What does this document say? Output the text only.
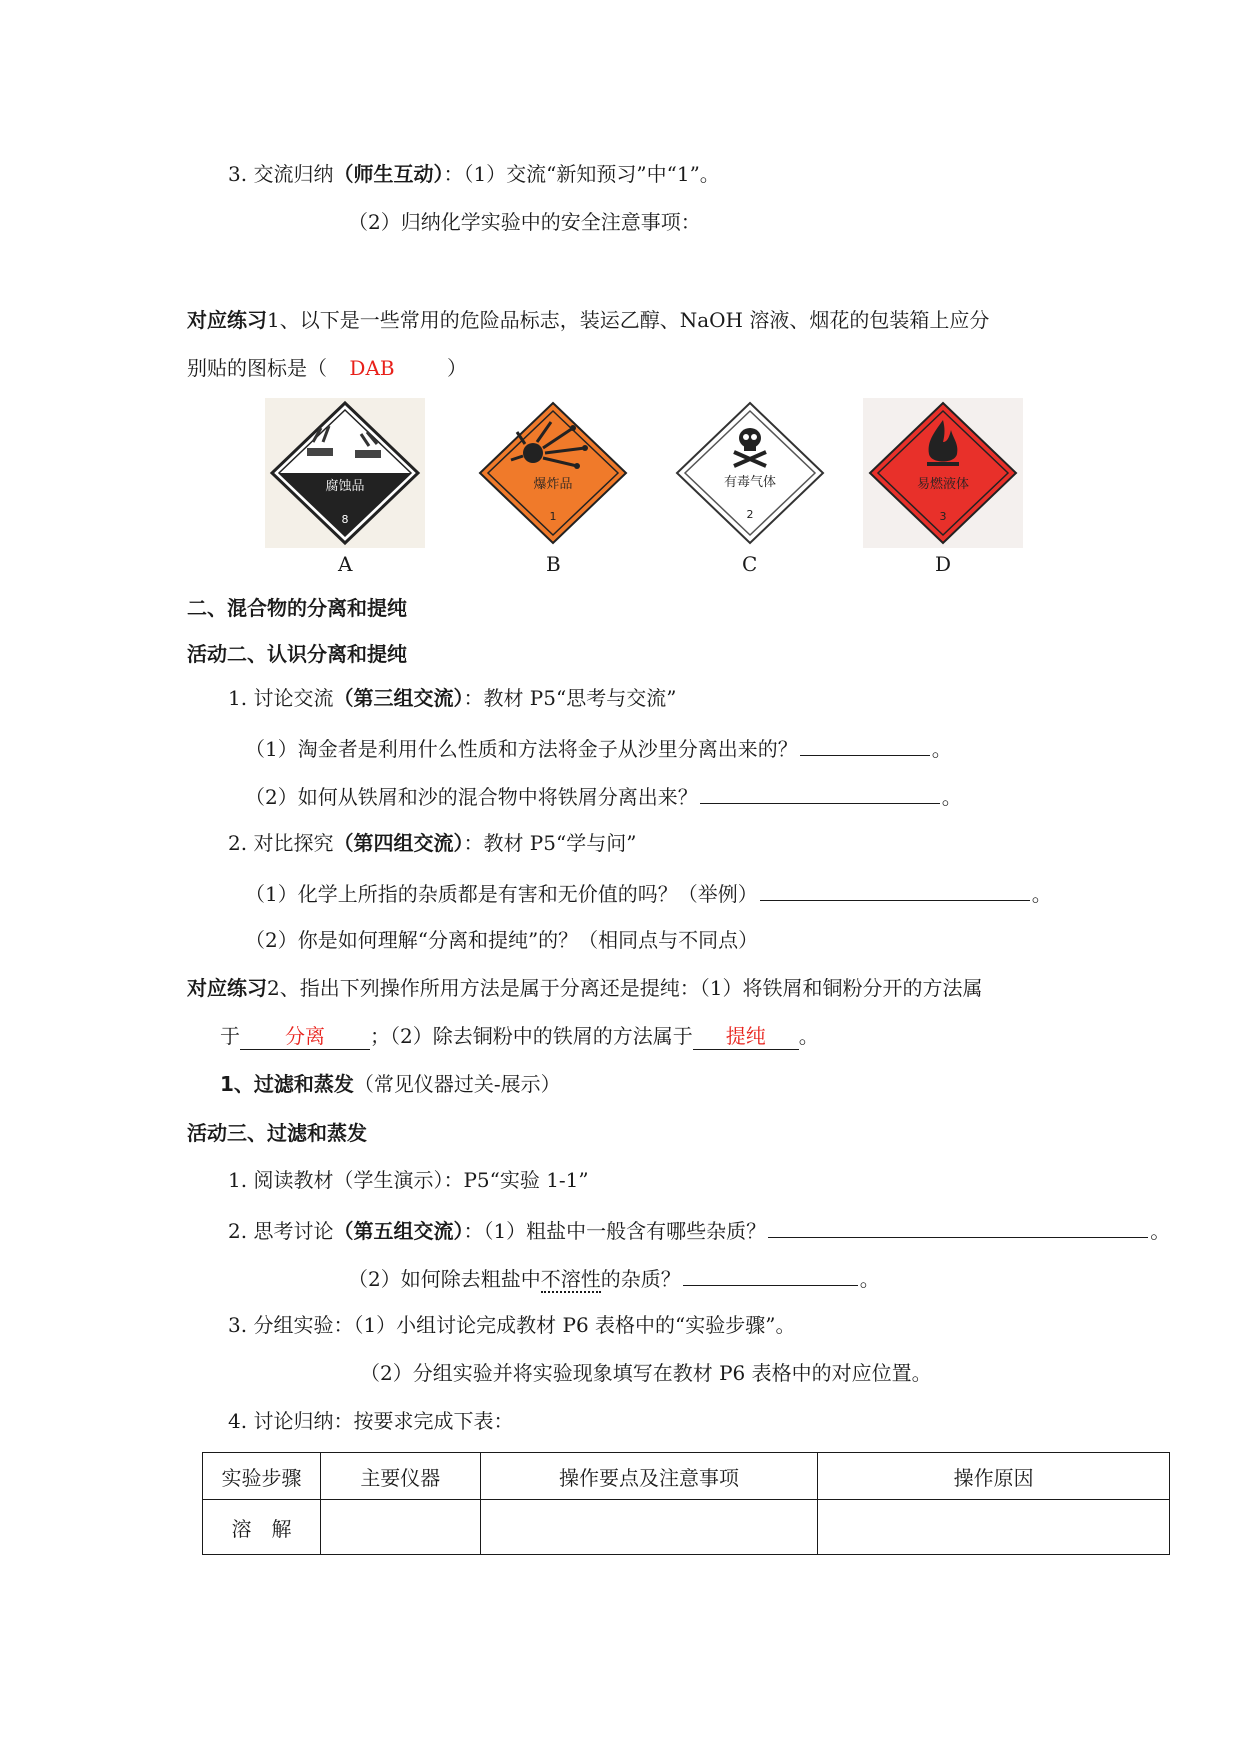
3. 交流归纳（师生互动）：（1）交流“新知预习”中“1”。
（2）归纳化学实验中的安全注意事项：
对应练习1、以下是一些常用的危险品标志，装运乙醇、NaOH 溶液、烟花的包装箱上应分
别贴的图标是（ DAB	）
腐蚀品
8
爆炸品
1
有毒气体
2
易燃液体
3
A	B	C	D
二、混合物的分离和提纯
活动二、认识分离和提纯
1. 讨论交流（第三组交流）：教材 P5“思考与交流”
（1）淘金者是利用什么性质和方法将金子从沙里分离出来的？	。
（2）如何从铁屑和沙的混合物中将铁屑分离出来？	。
2. 对比探究（第四组交流）：教材 P5“学与问”
（1）化学上所指的杂质都是有害和无价值的吗？（举例）	。
（2）你是如何理解“分离和提纯”的？（相同点与不同点）
对应练习2、指出下列操作所用方法是属于分离还是提纯：（1）将铁屑和铜粉分开的方法属
于 分离 ；（2）除去铜粉中的铁屑的方法属于 提纯 。
1、过滤和蒸发（常见仪器过关-展示）
活动三、过滤和蒸发
1. 阅读教材（学生演示）：P5“实验 1-1”
2. 思考讨论（第五组交流）：（1）粗盐中一般含有哪些杂质？	。
（2）如何除去粗盐中不溶性的杂质？	。
3. 分组实验：（1）小组讨论完成教材 P6 表格中的“实验步骤”。
（2）分组实验并将实验现象填写在教材 P6 表格中的对应位置。
4. 讨论归纳：按要求完成下表：
实验步骤	主要仪器	操作要点及注意事项	操作原因
溶　解			
